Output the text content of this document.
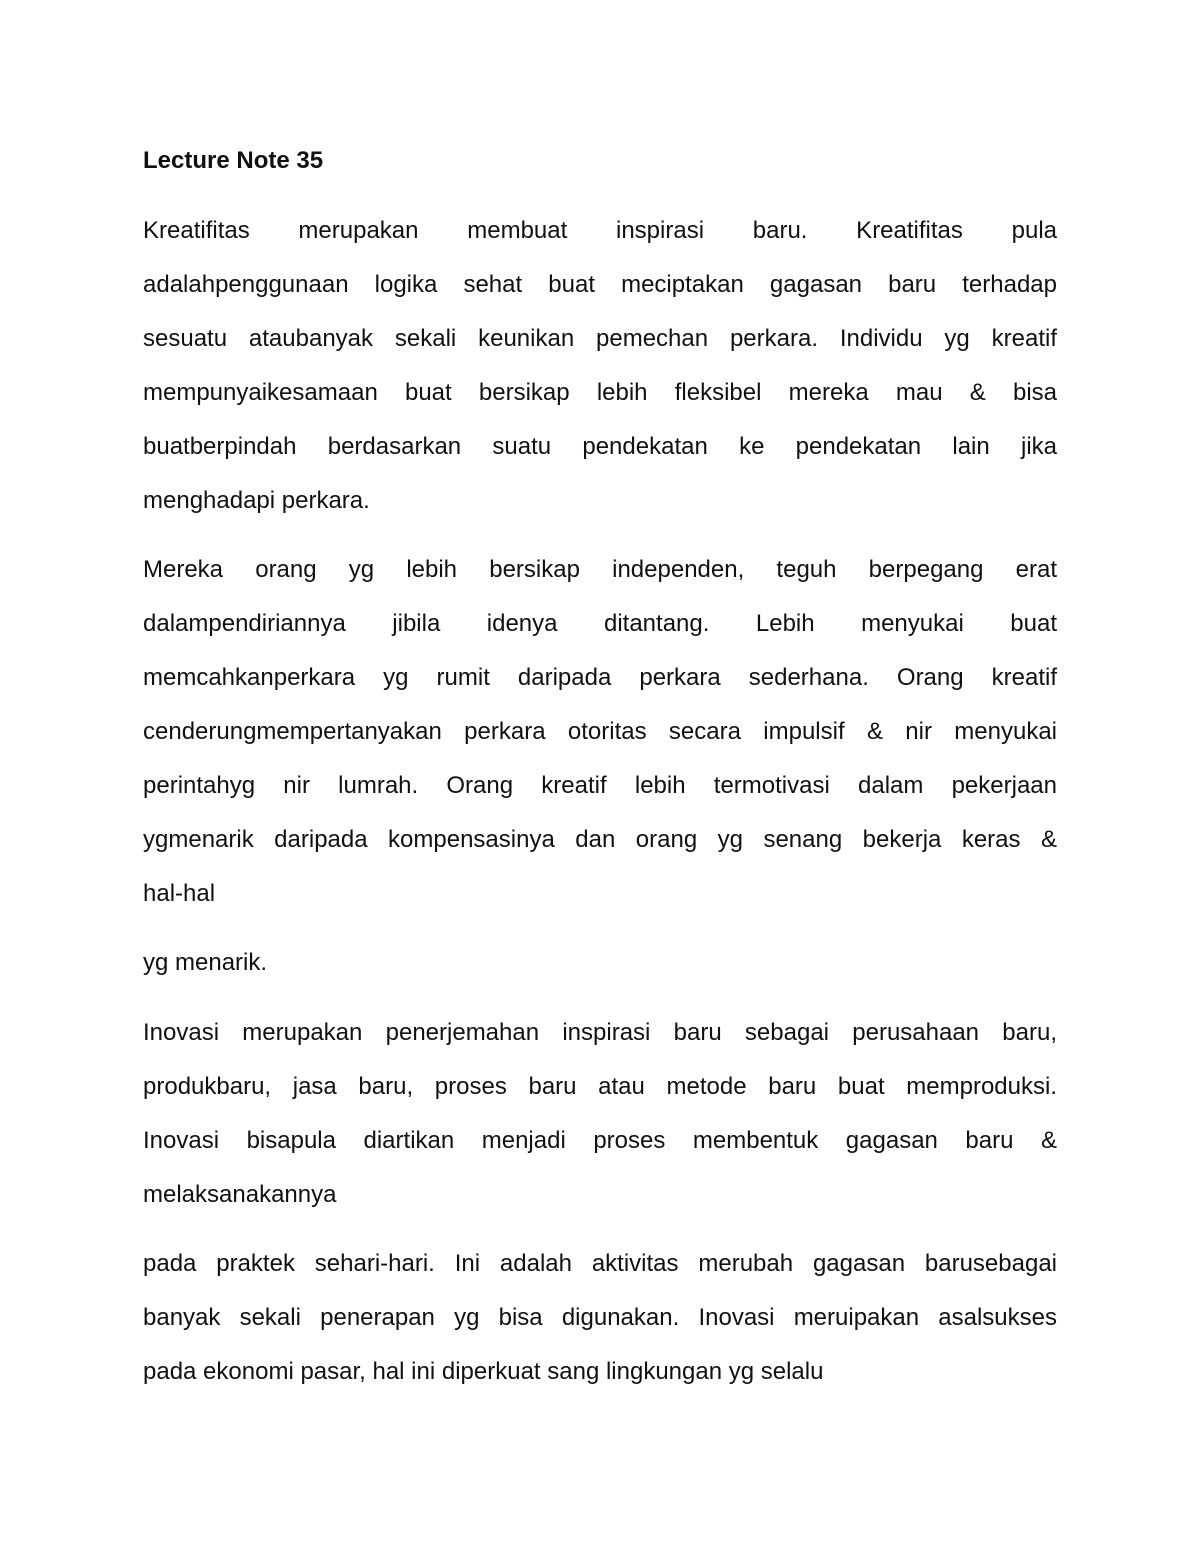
Lecture Note 35
Kreatifitas merupakan membuat inspirasi baru. Kreatifitas pula
adalahpenggunaan logika sehat buat meciptakan gagasan baru terhadap
sesuatu ataubanyak sekali keunikan pemechan perkara. Individu yg kreatif
mempunyaikesamaan buat bersikap lebih fleksibel mereka mau & bisa
buatberpindah berdasarkan suatu pendekatan ke pendekatan lain jika
menghadapi perkara.
Mereka orang yg lebih bersikap independen, teguh berpegang erat
dalampendiriannya jibila idenya ditantang. Lebih menyukai buat
memcahkanperkara yg rumit daripada perkara sederhana. Orang kreatif
cenderungmempertanyakan perkara otoritas secara impulsif & nir menyukai
perintahyg nir lumrah. Orang kreatif lebih termotivasi dalam pekerjaan
ygmenarik daripada kompensasinya dan orang yg senang bekerja keras &
hal-hal
yg menarik.
Inovasi merupakan penerjemahan inspirasi baru sebagai perusahaan baru,
produkbaru, jasa baru, proses baru atau metode baru buat memproduksi.
Inovasi bisapula diartikan menjadi proses membentuk gagasan baru &
melaksanakannya
pada praktek sehari-hari. Ini adalah aktivitas merubah gagasan barusebagai
banyak sekali penerapan yg bisa digunakan. Inovasi meruipakan asalsukses
pada ekonomi pasar, hal ini diperkuat sang lingkungan yg selalu
